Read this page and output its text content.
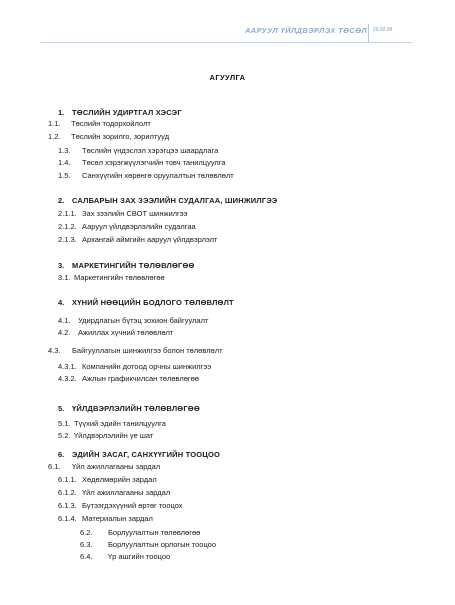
ААРУУЛ ҮЙЛДВЭРЛЭХ ТӨСӨЛ 20.02.08
АГУУЛГА
1. ТӨСЛИЙН УДИРТГАЛ ХЭСЭГ
1.1. Төслийн тодорхойлолт
1.2. Төслийн зорилго, зорилтууд
1.3. Төслийн үндэслэл хэрэгцээ шаардлага
1.4. Төсөл хэрэгжүүлэгчийн товч танилцуулга
1.5. Санхүүгийн хөрөнгө оруулалтын төлөвлөлт
2. САЛБАРЫН ЗАХ ЗЭЭЛИЙН СУДАЛГАА, ШИНЖИЛГЭЭ
2.1.1. Зах зээлийн СВОТ шинжилгээ
2.1.2. Ааруул үйлдвэрлэлийн судалгаа
2.1.3. Архангай аймгийн ааруул үйлдвэрлэлт
3. МАРКЕТИНГИЙН ТӨЛӨВЛӨГӨӨ
3.1. Маркетингийн төлөвлөгөө
4. ХҮНИЙ НӨӨЦИЙН БОДЛОГО ТӨЛӨВЛӨЛТ
4.1. Удирдлагын бүтэц зохион байгуулалт
4.2. Ажиллах хүчний төлөвлөлт
4.3. Байгууллагын шинжилгээ болон төлөвлөлт
4.3.1. Компанийн дотоод орчны шинжилгээ
4.3.2. Ажлын графикчилсан төлөвлөгөө
5. ҮЙЛДВЭРЛЭЛИЙН ТӨЛӨВЛӨГӨӨ
5.1. Түүхий эдийн танилцуулга
5.2. Үйлдвэрлэлийн үе шат
6. ЭДИЙН ЗАСАГ, САНХҮҮГИЙН ТООЦОО
6.1. Үйл ажиллагааны зардал
6.1.1. Хөдөлмөрийн зардал
6.1.2. Үйл ажиллагааны зардал
6.1.3. Бүтээгдэхүүний өртөг тооцох
6.1.4. Материалын зардал
6.2. Борлуулалтын төлөвлөгөө
6.3. Борлуулалтын орлогын тооцоо
6.4. Үр ашгийн тооцоо
